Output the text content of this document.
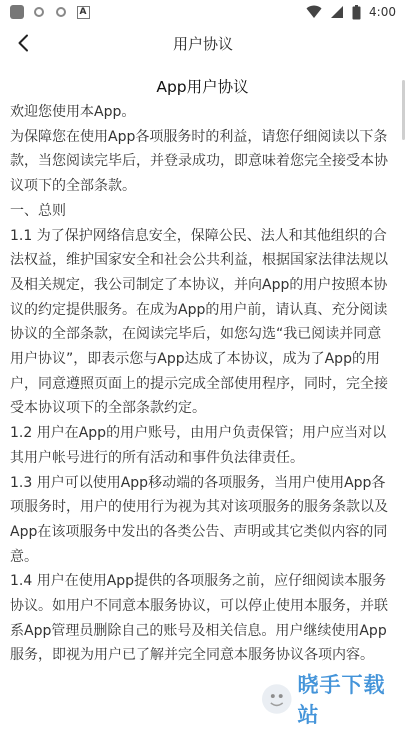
A	4:00
用户协议

App用户协议

欢迎您使用本App。

为保障您在使用App各项服务时的利益，请您仔细阅读以下条款，当您阅读完毕后，并登录成功，即意味着您完全接受本协议项下的全部条款。

一、总则

1.1 为了保护网络信息安全，保障公民、法人和其他组织的合法权益，维护国家安全和社会公共利益，根据国家法律法规以及相关规定，我公司制定了本协议，并向App的用户按照本协议的约定提供服务。在成为App的用户前，请认真、充分阅读协议的全部条款，在阅读完毕后，如您勾选“我已阅读并同意用户协议”，即表示您与App达成了本协议，成为了App的用户，同意遵照页面上的提示完成全部使用程序，同时，完全接受本协议项下的全部条款约定。

1.2 用户在App的用户账号，由用户负责保管；用户应当对以其用户帐号进行的所有活动和事件负法律责任。

1.3 用户可以使用App移动端的各项服务，当用户使用App各项服务时，用户的使用行为视为其对该项服务的服务条款以及App在该项服务中发出的各类公告、声明或其它类似内容的同意。

1.4 用户在使用App提供的各项服务之前，应仔细阅读本服务协议。如用户不同意本服务协议，可以停止使用本服务，并联系App管理员删除自己的账号及相关信息。用户继续使用App服务，即视为用户已了解并完全同意本服务协议各项内容。

晓手下载站
